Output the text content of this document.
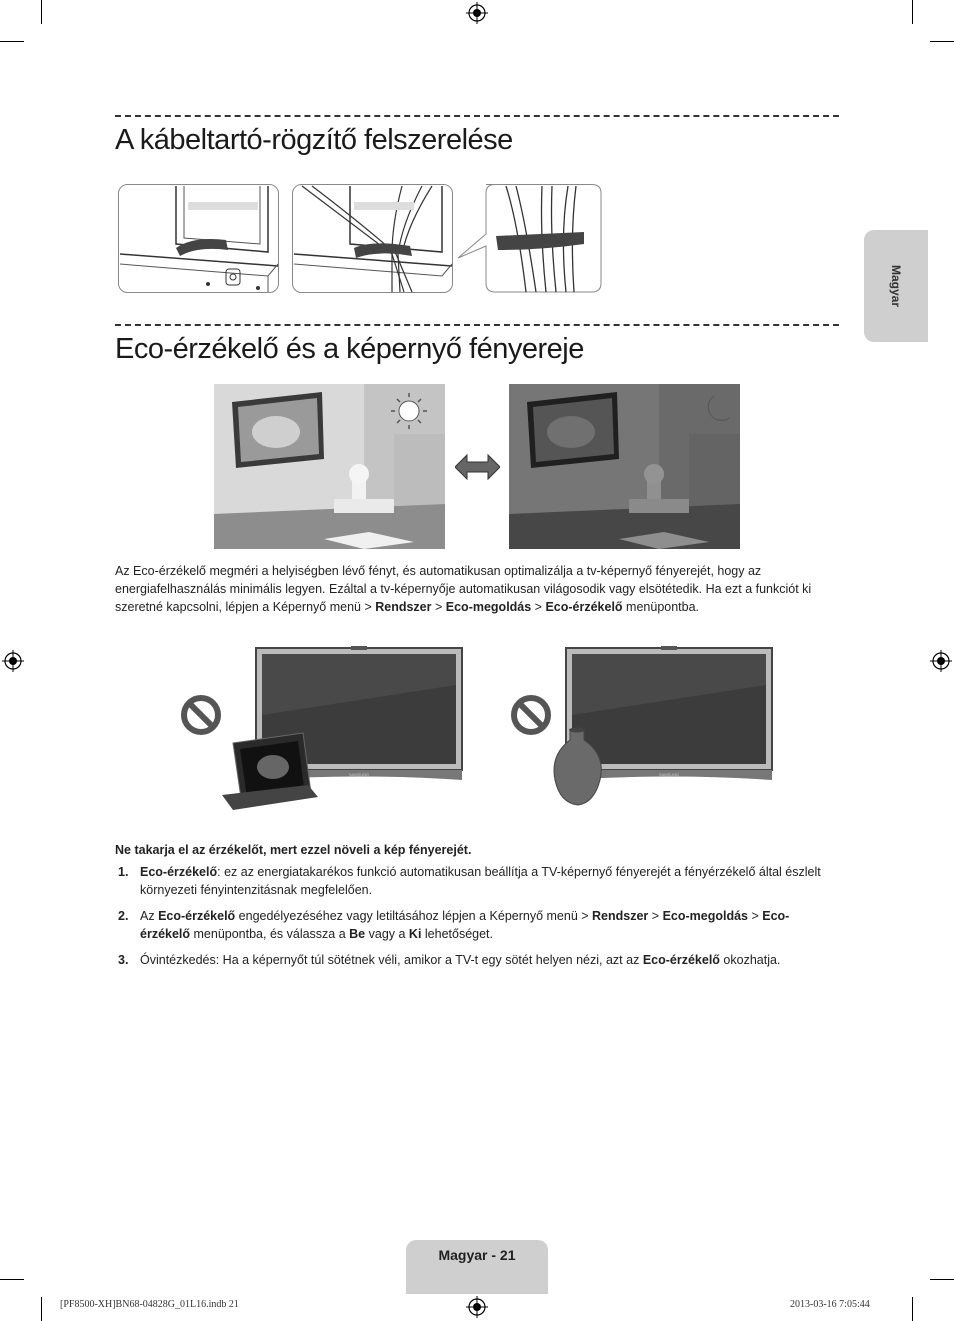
Magyar
A kábeltartó-rögzítő felszerelése
Eco-érzékelő és a képernyő fényereje

Az Eco-érzékelő megméri a helyiségben lévő fényt, és automatikusan optimalizálja a tv-képernyő fényerejét, hogy az energiafelhasználás minimális legyen. Ezáltal a tv-képernyője automatikusan világosodik vagy elsötétedik. Ha ezt a funkciót ki szeretné kapcsolni, lépjen a Képernyő menü > Rendszer > Eco-megoldás > Eco-érzékelő menüpontba.

SAMSUNG	SAMSUNG

Ne takarja el az érzékelőt, mert ezzel növeli a kép fényerejét.

1. Eco-érzékelő: ez az energiatakarékos funkció automatikusan beállítja a TV-képernyő fényerejét a fényérzékelő által észlelt környezeti fényintenzitásnak megfelelően.
2. Az Eco-érzékelő engedélyezéséhez vagy letiltásához lépjen a Képernyő menü > Rendszer > Eco-megoldás > Eco-érzékelő menüpontba, és válassza a Be vagy a Ki lehetőséget.
3. Óvintézkedés: Ha a képernyőt túl sötétnek véli, amikor a TV-t egy sötét helyen nézi, azt az Eco-érzékelő okozhatja.
Magyar - 21
[PF8500-XH]BN68-04828G_01L16.indb 21	2013-03-16 7:05:44
